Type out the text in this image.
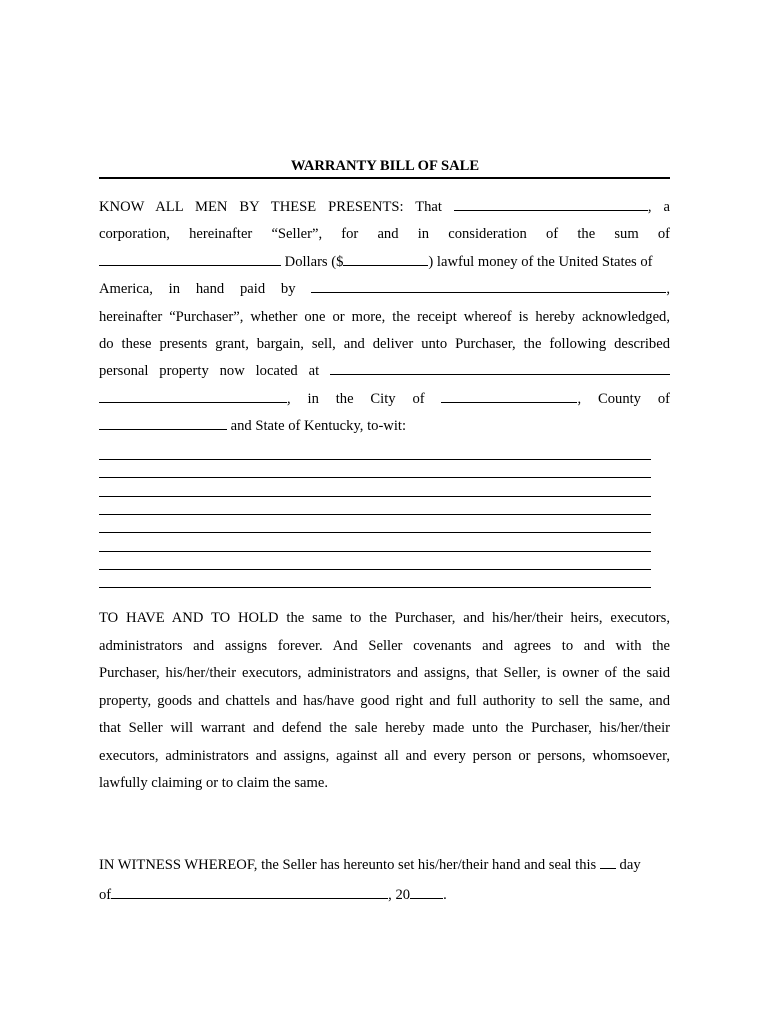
WARRANTY BILL OF SALE
KNOW ALL MEN BY THESE PRESENTS: That	, a
corporation, hereinafter “Seller”, for and in consideration of the sum of
Dollars ($	) lawful money of the United States of
America, in hand paid by	,
hereinafter “Purchaser”, whether one or more, the receipt whereof is hereby acknowledged,
do these presents grant, bargain, sell, and deliver unto Purchaser, the following described
personal property now located at
, in the City of	, County of
and State of Kentucky, to-wit:
TO HAVE AND TO HOLD the same to the Purchaser, and his/her/their heirs, executors,
administrators and assigns forever. And Seller covenants and agrees to and with the
Purchaser, his/her/their executors, administrators and assigns, that Seller, is owner of the said
property, goods and chattels and has/have good right and full authority to sell the same, and
that Seller will warrant and defend the sale hereby made unto the Purchaser, his/her/their
executors, administrators and assigns, against all and every person or persons, whomsoever,
lawfully claiming or to claim the same.
IN WITNESS WHEREOF, the Seller has hereunto set his/her/their hand and seal this day
of	, 20 .
